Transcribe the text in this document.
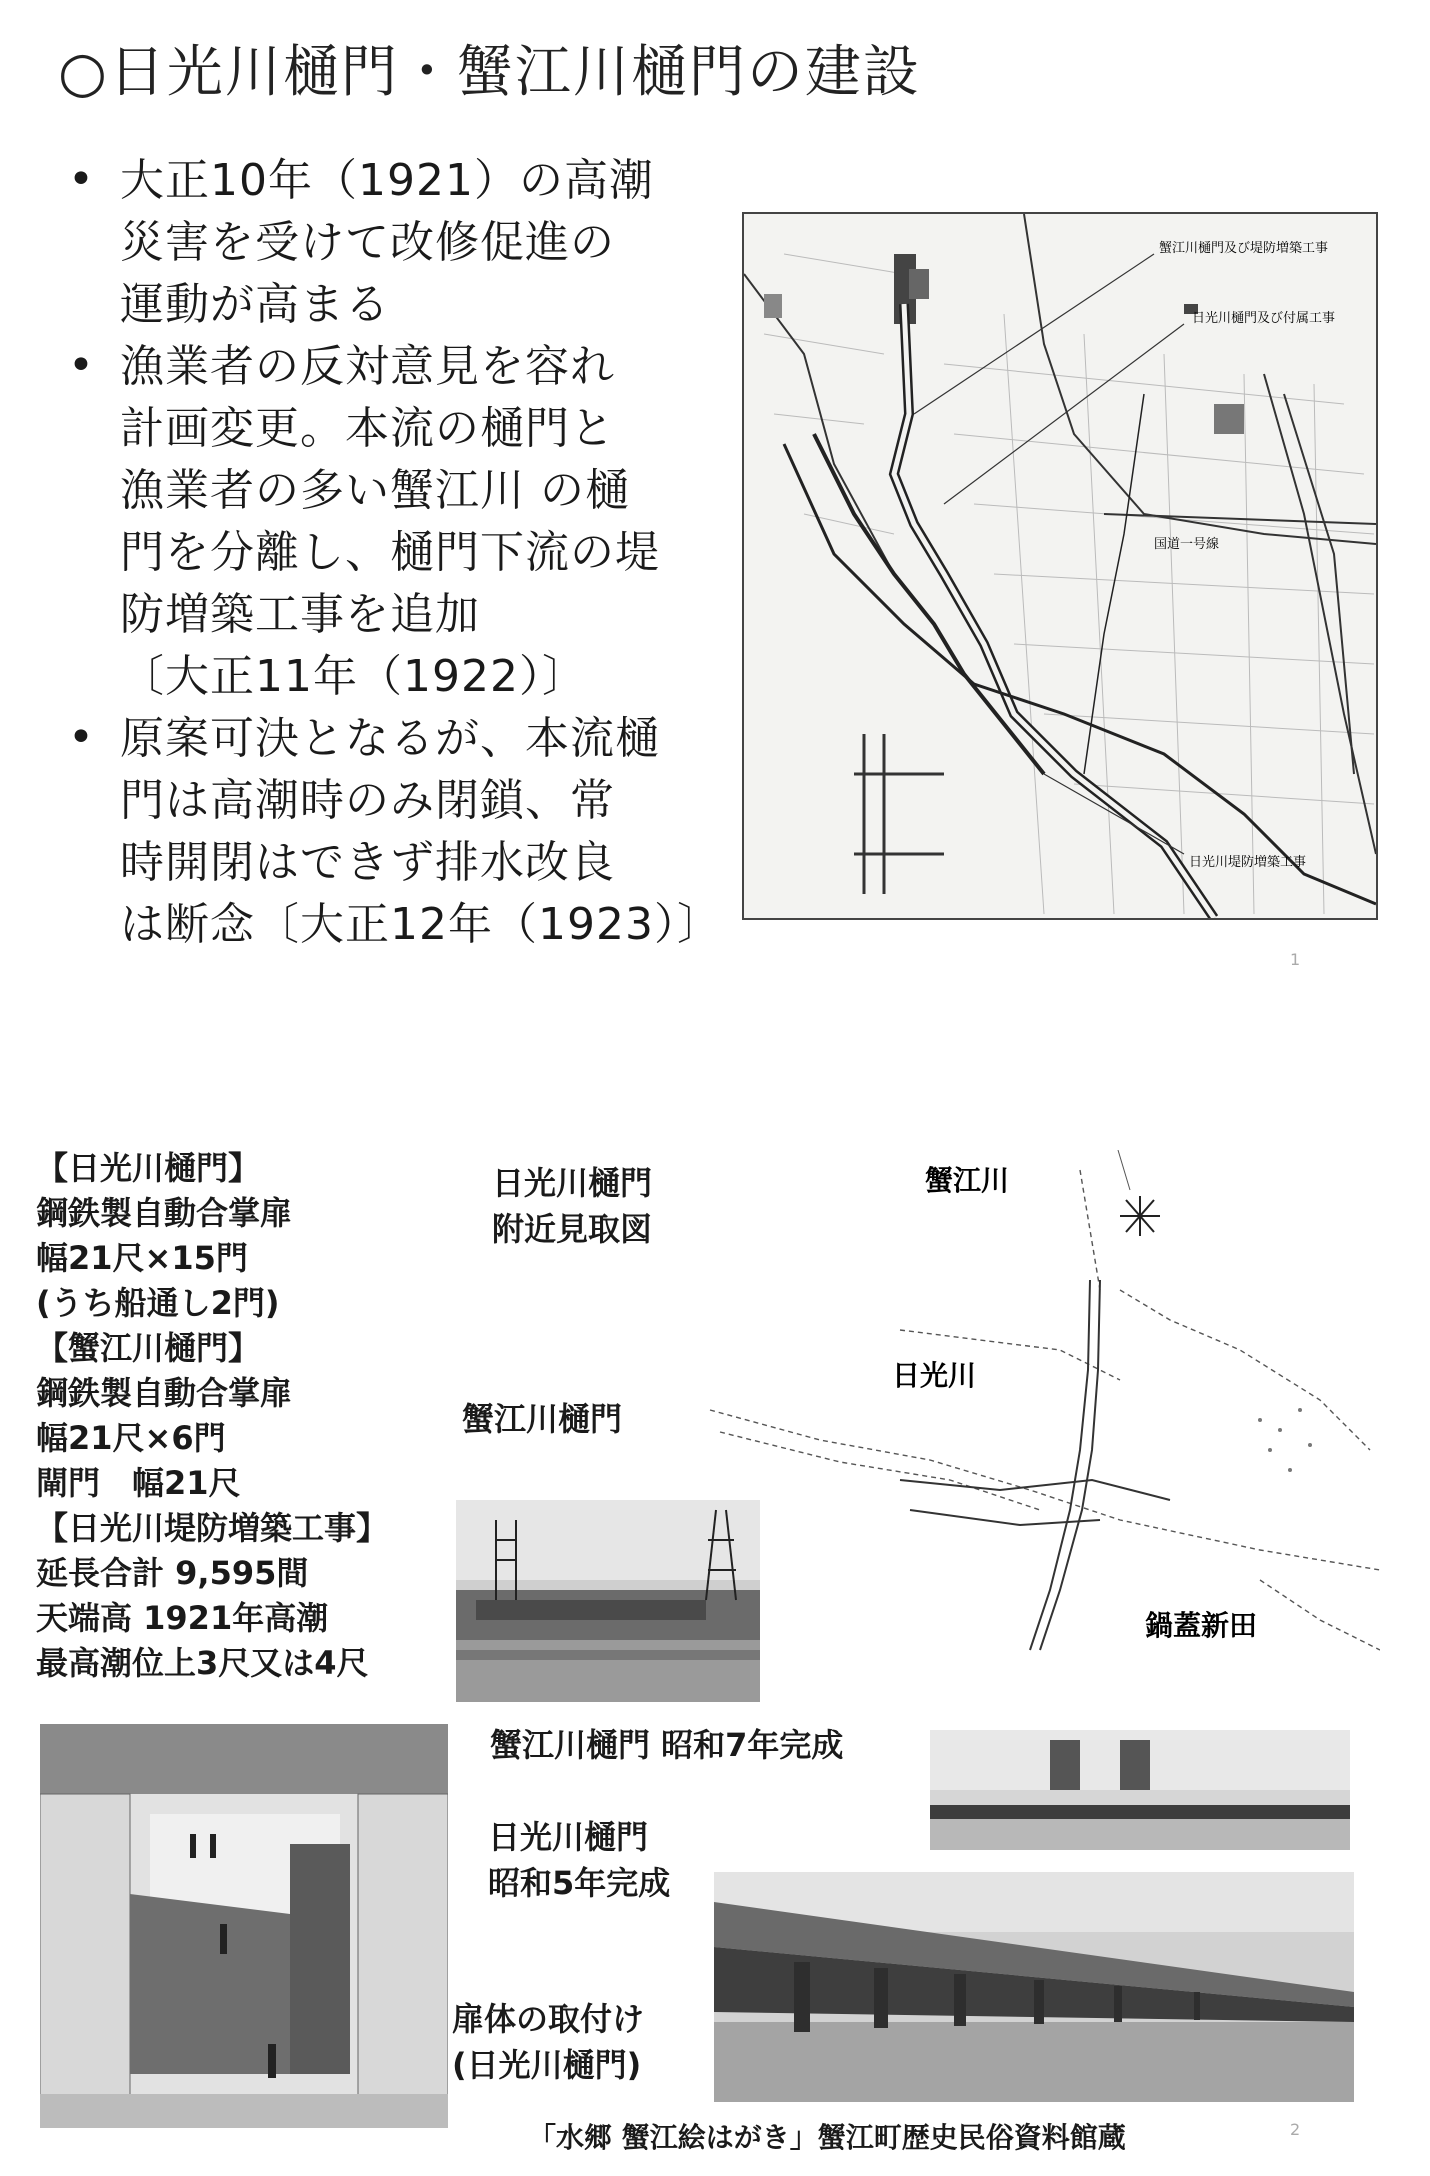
○日光川樋門・蟹江川樋門の建設
• 大正10年（1921）の高潮
災害を受けて改修促進の
運動が高まる
• 漁業者の反対意見を容れ
計画変更。本流の樋門と
漁業者の多い蟹江川 の樋
門を分離し、樋門下流の堤
防増築工事を追加
〔大正11年（1922）〕
• 原案可決となるが、本流樋
門は高潮時のみ閉鎖、常
時開閉はできず排水改良
は断念〔大正12年（1923）〕
蟹江川樋門及び堤防増築工事
日光川樋門及び付属工事
国道一号線
日光川堤防増築工事
1
【日光川樋門】
鋼鉄製自動合掌扉
幅21尺×15門
(うち船通し2門)
【蟹江川樋門】
鋼鉄製自動合掌扉
幅21尺×6門
閘門　幅21尺
【日光川堤防増築工事】
延長合計 9,595間
天端高 1921年高潮
最高潮位上3尺又は4尺
日光川樋門
附近見取図
蟹江川
日光川
鍋蓋新田
蟹江川樋門
蟹江川樋門 昭和7年完成
日光川樋門
昭和5年完成
扉体の取付け
(日光川樋門)
「水郷 蟹江絵はがき」蟹江町歴史民俗資料館蔵	2
